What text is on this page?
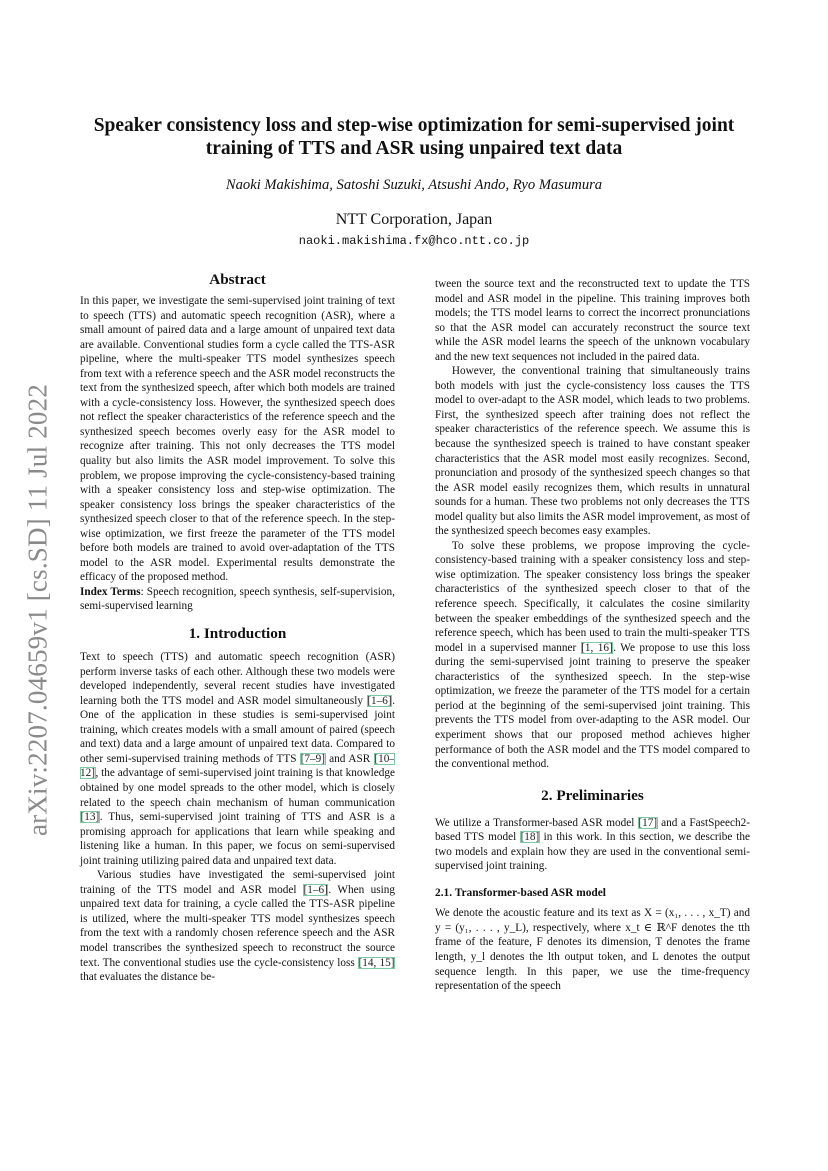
arXiv:2207.04659v1 [cs.SD] 11 Jul 2022
Speaker consistency loss and step-wise optimization for semi-supervised joint training of TTS and ASR using unpaired text data

Naoki Makishima, Satoshi Suzuki, Atsushi Ando, Ryo Masumura

NTT Corporation, Japan

naoki.makishima.fx@hco.ntt.co.jp

Abstract

In this paper, we investigate the semi-supervised joint training of text to speech (TTS) and automatic speech recognition (ASR), where a small amount of paired data and a large amount of unpaired text data are available. Conventional studies form a cycle called the TTS-ASR pipeline, where the multi-speaker TTS model synthesizes speech from text with a reference speech and the ASR model reconstructs the text from the synthesized speech, after which both models are trained with a cycle-consistency loss. However, the synthesized speech does not reflect the speaker characteristics of the reference speech and the synthesized speech becomes overly easy for the ASR model to recognize after training. This not only decreases the TTS model quality but also limits the ASR model improvement. To solve this problem, we propose improving the cycle-consistency-based training with a speaker consistency loss and step-wise optimization. The speaker consistency loss brings the speaker characteristics of the synthesized speech closer to that of the reference speech. In the step-wise optimization, we first freeze the parameter of the TTS model before both models are trained to avoid over-adaptation of the TTS model to the ASR model. Experimental results demonstrate the efficacy of the proposed method.

Index Terms: Speech recognition, speech synthesis, self-supervision, semi-supervised learning

1. Introduction

Text to speech (TTS) and automatic speech recognition (ASR) perform inverse tasks of each other. Although these two models were developed independently, several recent studies have investigated learning both the TTS model and ASR model simultaneously [1–6]. One of the application in these studies is semi-supervised joint training, which creates models with a small amount of paired (speech and text) data and a large amount of unpaired text data. Compared to other semi-supervised training methods of TTS [7–9] and ASR [10–12], the advantage of semi-supervised joint training is that knowledge obtained by one model spreads to the other model, which is closely related to the speech chain mechanism of human communication [13]. Thus, semi-supervised joint training of TTS and ASR is a promising approach for applications that learn while speaking and listening like a human. In this paper, we focus on semi-supervised joint training utilizing paired data and unpaired text data.

Various studies have investigated the semi-supervised joint training of the TTS model and ASR model [1–6]. When using unpaired text data for training, a cycle called the TTS-ASR pipeline is utilized, where the multi-speaker TTS model synthesizes speech from the text with a randomly chosen reference speech and the ASR model transcribes the synthesized speech to reconstruct the source text. The conventional studies use the cycle-consistency loss [14, 15] that evaluates the distance be-

tween the source text and the reconstructed text to update the TTS model and ASR model in the pipeline. This training improves both models; the TTS model learns to correct the incorrect pronunciations so that the ASR model can accurately reconstruct the source text while the ASR model learns the speech of the unknown vocabulary and the new text sequences not included in the paired data.

However, the conventional training that simultaneously trains both models with just the cycle-consistency loss causes the TTS model to over-adapt to the ASR model, which leads to two problems. First, the synthesized speech after training does not reflect the speaker characteristics of the reference speech. We assume this is because the synthesized speech is trained to have constant speaker characteristics that the ASR model most easily recognizes. Second, pronunciation and prosody of the synthesized speech changes so that the ASR model easily recognizes them, which results in unnatural sounds for a human. These two problems not only decreases the TTS model quality but also limits the ASR model improvement, as most of the synthesized speech becomes easy examples.

To solve these problems, we propose improving the cycle-consistency-based training with a speaker consistency loss and step-wise optimization. The speaker consistency loss brings the speaker characteristics of the synthesized speech closer to that of the reference speech. Specifically, it calculates the cosine similarity between the speaker embeddings of the synthesized speech and the reference speech, which has been used to train the multi-speaker TTS model in a supervised manner [1, 16]. We propose to use this loss during the semi-supervised joint training to preserve the speaker characteristics of the synthesized speech. In the step-wise optimization, we freeze the parameter of the TTS model for a certain period at the beginning of the semi-supervised joint training. This prevents the TTS model from over-adapting to the ASR model. Our experiment shows that our proposed method achieves higher performance of both the ASR model and the TTS model compared to the conventional method.

2. Preliminaries

We utilize a Transformer-based ASR model [17] and a FastSpeech2-based TTS model [18] in this work. In this section, we describe the two models and explain how they are used in the conventional semi-supervised joint training.

2.1. Transformer-based ASR model

We denote the acoustic feature and its text as X = (x₁, . . . , x_T) and y = (y₁, . . . , y_L), respectively, where x_t ∈ ℝ^F denotes the tth frame of the feature, F denotes its dimension, T denotes the frame length, y_l denotes the lth output token, and L denotes the output sequence length. In this paper, we use the time-frequency representation of the speech
